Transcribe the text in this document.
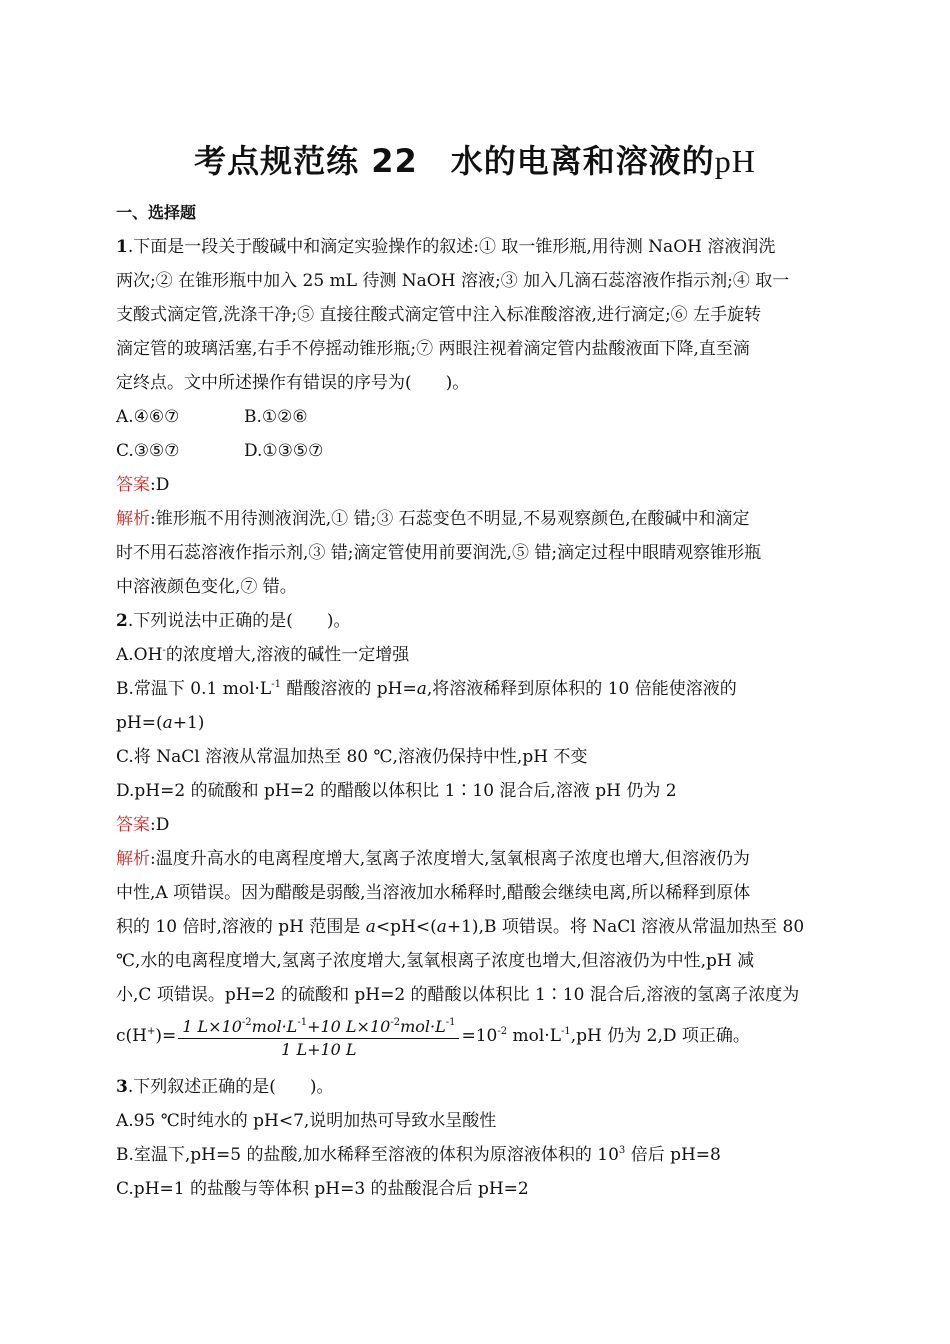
考点规范练 22　水的电离和溶液的pH
一、选择题
1.下面是一段关于酸碱中和滴定实验操作的叙述:① 取一锥形瓶,用待测 NaOH 溶液润洗
两次;② 在锥形瓶中加入 25 mL 待测 NaOH 溶液;③ 加入几滴石蕊溶液作指示剂;④ 取一
支酸式滴定管,洗涤干净;⑤ 直接往酸式滴定管中注入标准酸溶液,进行滴定;⑥ 左手旋转
滴定管的玻璃活塞,右手不停摇动锥形瓶;⑦ 两眼注视着滴定管内盐酸液面下降,直至滴
定终点。文中所述操作有错误的序号为(　　)。
A.④⑥⑦	B.①②⑥
C.③⑤⑦	D.①③⑤⑦
答案:D
解析:锥形瓶不用待测液润洗,① 错;③ 石蕊变色不明显,不易观察颜色,在酸碱中和滴定
时不用石蕊溶液作指示剂,③ 错;滴定管使用前要润洗,⑤ 错;滴定过程中眼睛观察锥形瓶
中溶液颜色变化,⑦ 错。
2.下列说法中正确的是(　　)。
A.OH-的浓度增大,溶液的碱性一定增强
B.常温下 0.1 $mol\cdot L^{-1}$ 醋酸溶液的 pH=a,将溶液稀释到原体积的 10 倍能使溶液的
pH=(a+1)
C.将 NaCl 溶液从常温加热至 80 ℃,溶液仍保持中性,pH 不变
D.pH=2 的硫酸和 pH=2 的醋酸以体积比 1∶10 混合后,溶液 pH 仍为 2
答案:D
解析:温度升高水的电离程度增大,氢离子浓度增大,氢氧根离子浓度也增大,但溶液仍为
中性,A 项错误。因为醋酸是弱酸,当溶液加水稀释时,醋酸会继续电离,所以稀释到原体
积的 10 倍时,溶液的 pH 范围是 a<pH<(a+1),B 项错误。将 NaCl 溶液从常温加热至 80
℃,水的电离程度增大,氢离子浓度增大,氢氧根离子浓度也增大,但溶液仍为中性,pH 减
小,C 项错误。pH=2 的硫酸和 pH=2 的醋酸以体积比 1∶10 混合后,溶液的氢离子浓度为
$c(H^+)= \frac{1 L\times 10^{-2}mol\cdot L^{-1}+10 L\times 10^{-2}mol\cdot L^{-1}}{1 L+10 L} =10^{-2}$ $mol\cdot L^{-1},pH$ 仍为 2,D 项正确。
3.下列叙述正确的是(　　)。
A.95 ℃时纯水的 pH<7,说明加热可导致水呈酸性
B.室温下,pH=5 的盐酸,加水稀释至溶液的体积为原溶液体积的 $10^3$ 倍后 pH=8
C.pH=1 的盐酸与等体积 pH=3 的盐酸混合后 pH=2
